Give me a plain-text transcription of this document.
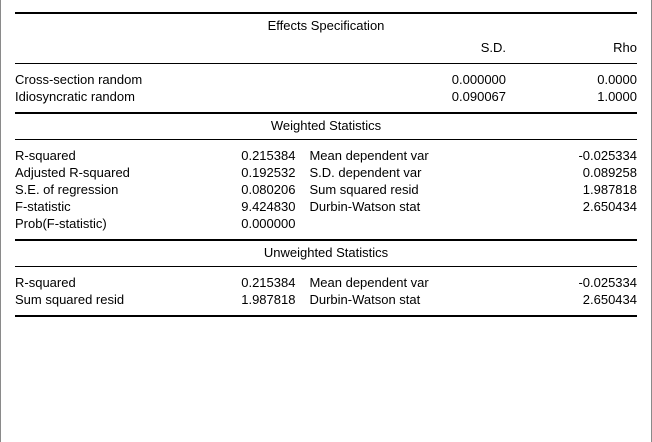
Effects Specification
	S.D.	Rho
Cross-section random	0.000000	0.0000
Idiosyncratic random	0.090067	1.0000
Weighted Statistics
R-squared	0.215384	Mean dependent var	-0.025334
Adjusted R-squared	0.192532	S.D. dependent var	0.089258
S.E. of regression	0.080206	Sum squared resid	1.987818
F-statistic	9.424830	Durbin-Watson stat	2.650434
Prob(F-statistic)	0.000000		
Unweighted Statistics
R-squared	0.215384	Mean dependent var	-0.025334
Sum squared resid	1.987818	Durbin-Watson stat	2.650434
